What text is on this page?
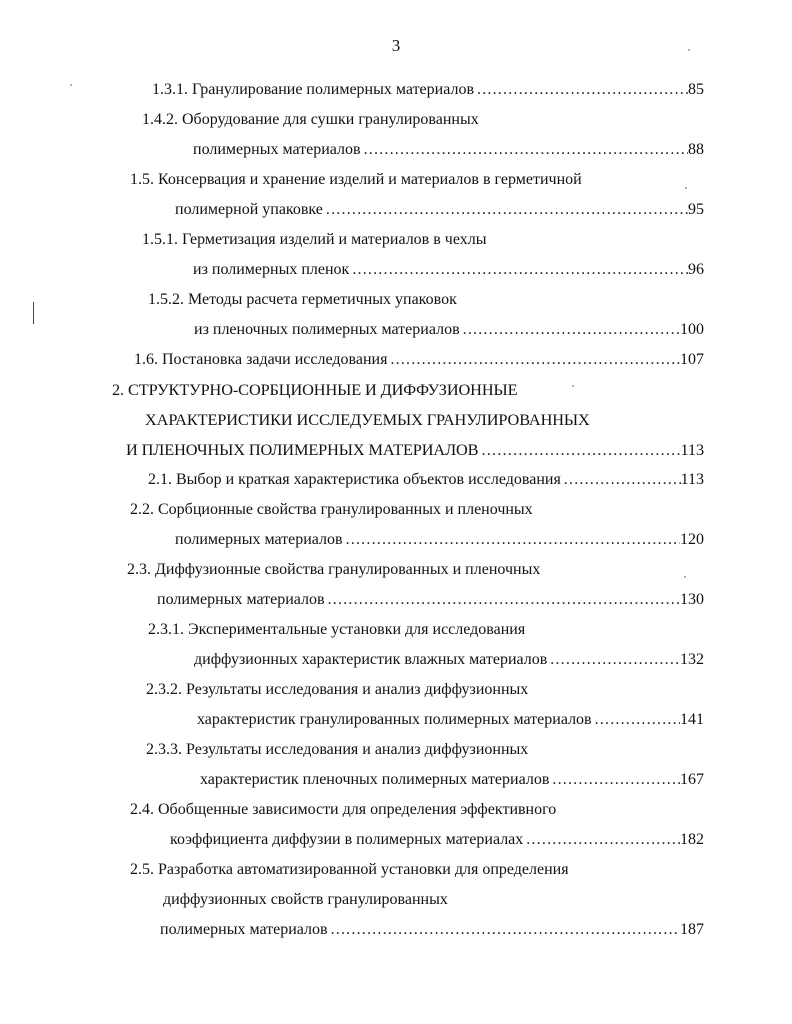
3
1.3.1. Гранулирование полимерных материалов .....	85
1.4.2. Оборудование для сушки гранулированных
полимерных материалов .....	88
1.5. Консервация и хранение изделий и материалов в герметичной
полимерной упаковке .....	95
1.5.1. Герметизация изделий и материалов в чехлы
из полимерных пленок .....	96
1.5.2. Методы расчета герметичных упаковок
из пленочных полимерных материалов .....	100
1.6. Постановка задачи исследования .....	107
2. СТРУКТУРНО-СОРБЦИОННЫЕ И ДИФФУЗИОННЫЕ
ХАРАКТЕРИСТИКИ ИССЛЕДУЕМЫХ ГРАНУЛИРОВАННЫХ
И ПЛЕНОЧНЫХ ПОЛИМЕРНЫХ МАТЕРИАЛОВ .....	113
2.1. Выбор и краткая характеристика объектов исследования .....	113
2.2. Сорбционные свойства гранулированных и пленочных
полимерных материалов .....	120
2.3. Диффузионные свойства гранулированных и пленочных
полимерных материалов .....	130
2.3.1. Экспериментальные установки для исследования
диффузионных характеристик влажных материалов .....	132
2.3.2. Результаты исследования и анализ диффузионных
характеристик гранулированных полимерных материалов .....	141
2.3.3. Результаты исследования и анализ диффузионных
характеристик пленочных полимерных материалов .....	167
2.4. Обобщенные зависимости для определения эффективного
коэффициента диффузии в полимерных материалах .....	182
2.5. Разработка автоматизированной установки для определения
диффузионных свойств гранулированных
полимерных материалов .....	187
